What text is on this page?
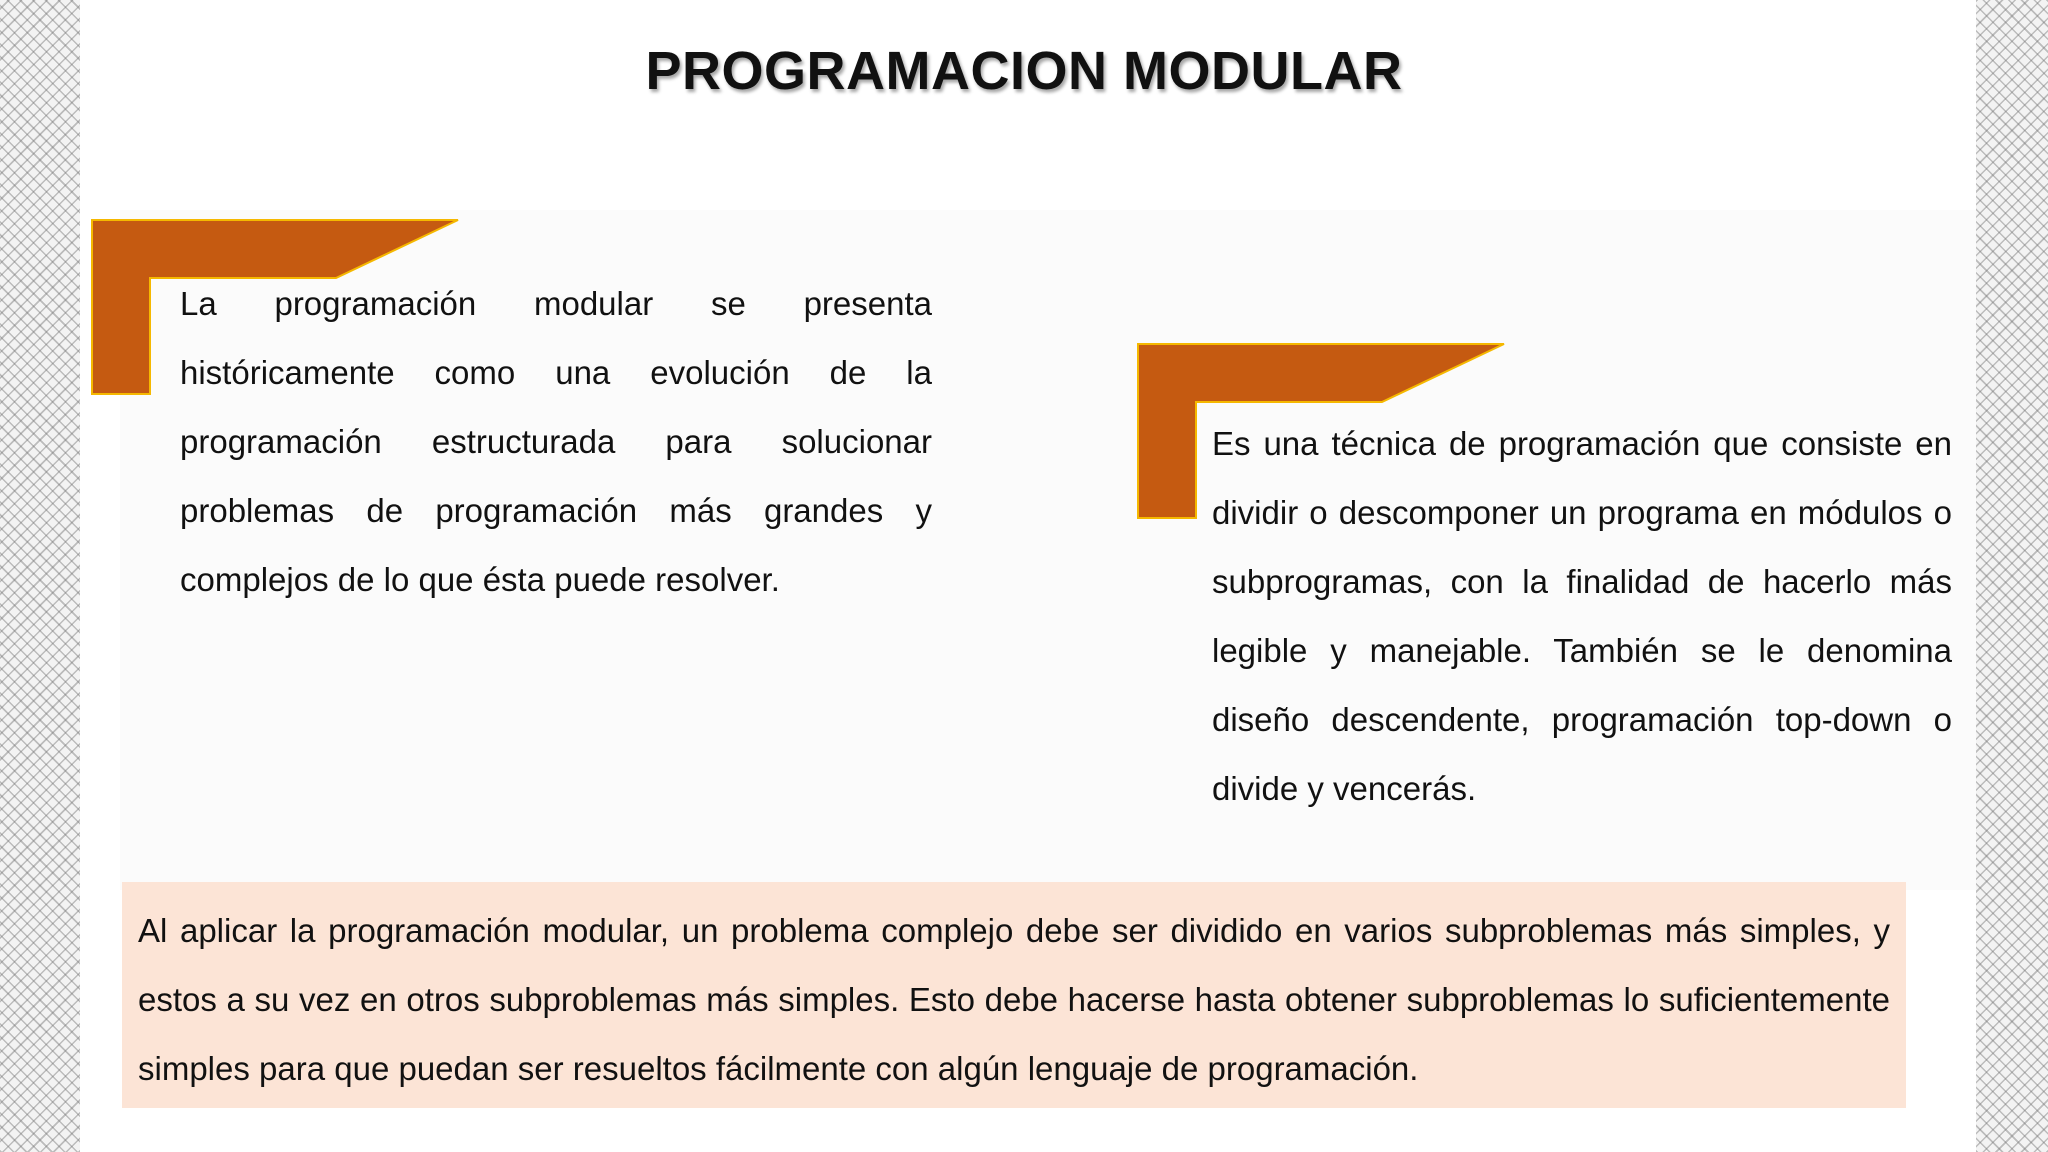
PROGRAMACION MODULAR

La programación modular se presenta históricamente como una evolución de la programación estructurada para solucionar problemas de programación más grandes y complejos de lo que ésta puede resolver.

Es una técnica de programación que consiste en dividir o descomponer un programa en módulos o subprogramas, con la finalidad de hacerlo más legible y manejable. También se le denomina diseño descendente, programación top-down o divide y vencerás.

Al aplicar la programación modular, un problema complejo debe ser dividido en varios subproblemas más simples, y estos a su vez en otros subproblemas más simples. Esto debe hacerse hasta obtener subproblemas lo suficientemente simples para que puedan ser resueltos fácilmente con algún lenguaje de programación.
